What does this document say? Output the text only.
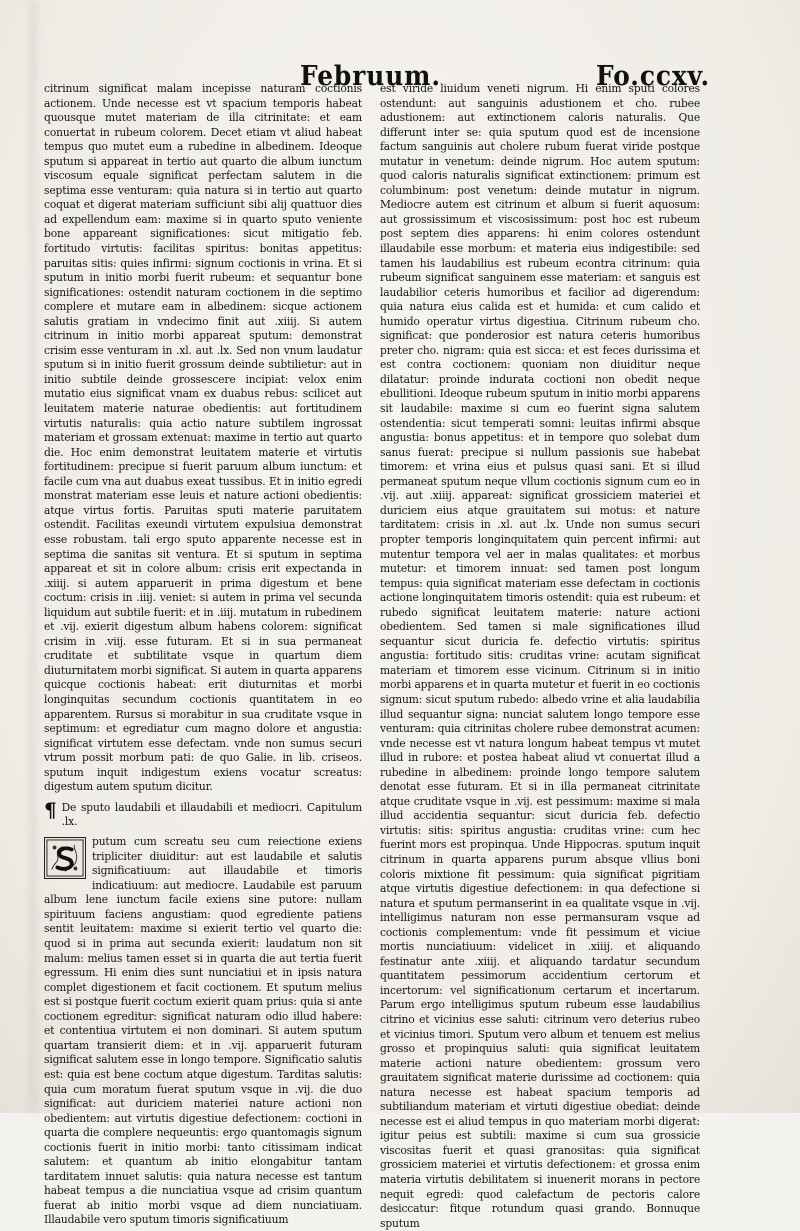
Februum.	Fo.ccxv.

citrinum significat malam incepisse naturam coctionis actionem. Unde necesse est vt spacium temporis habeat quousque mutet materiam de illa citrinitate: et eam conuertat in rubeum colorem. Decet etiam vt aliud habeat tempus quo mutet eum a rubedine in albedinem. Ideoque sputum si appareat in tertio aut quarto die album iunctum viscosum equale significat perfectam salutem in die septima esse venturam: quia natura si in tertio aut quarto coquat et digerat materiam sufficiunt sibi alij quattuor dies ad expellendum eam: maxime si in quarto sputo veniente bone appareant significationes: sicut mitigatio feb. fortitudo virtutis: facilitas spiritus: bonitas appetitus: paruitas sitis: quies infirmi: signum coctionis in vrina. Et si sputum in initio morbi fuerit rubeum: et sequantur bone significationes: ostendit naturam coctionem in die septimo complere et mutare eam in albedinem: sicque actionem salutis gratiam in vndecimo finit aut .xiiij. Si autem citrinum in initio morbi appareat sputum: demonstrat crisim esse venturam in .xl. aut .lx. Sed non vnum laudatur sputum si in initio fuerit grossum deinde subtilietur: aut in initio subtile deinde grossescere incipiat: velox enim mutatio eius significat vnam ex duabus rebus: scilicet aut leuitatem materie naturae obedientis: aut fortitudinem virtutis naturalis: quia actio nature subtilem ingrossat materiam et grossam extenuat: maxime in tertio aut quarto die. Hoc enim demonstrat leuitatem materie et virtutis fortitudinem: precipue si fuerit paruum album iunctum: et facile cum vna aut duabus exeat tussibus. Et in initio egredi monstrat materiam esse leuis et nature actioni obedientis: atque virtus fortis. Paruitas sputi materie paruitatem ostendit. Facilitas exeundi virtutem expulsiua demonstrat esse robustam. tali ergo sputo apparente necesse est in septima die sanitas sit ventura. Et si sputum in septima appareat et sit in colore album: crisis erit expectanda in .xiiij. si autem apparuerit in prima digestum et bene coctum: crisis in .iiij. veniet: si autem in prima vel secunda liquidum aut subtile fuerit: et in .iiij. mutatum in rubedinem et .vij. exierit digestum album habens colorem: significat crisim in .viij. esse futuram. Et si in sua permaneat cruditate et subtilitate vsque in quartum diem diuturnitatem morbi significat. Si autem in quarta apparens quicque coctionis habeat: erit diuturnitas et morbi longinquitas secundum coctionis quantitatem in eo apparentem. Rursus si morabitur in sua cruditate vsque in septimum: et egrediatur cum magno dolore et angustia: significat virtutem esse defectam. vnde non sumus securi vtrum possit morbum pati: de quo Galie. in lib. criseos. sputum inquit indigestum exiens vocatur screatus: digestum autem sputum dicitur.

¶ De sputo laudabili et illaudabili et mediocri. Capitulum .lx.

putum cum screatu seu cum reiectione exiens tripliciter diuiditur: aut est laudabile et salutis significatiuum: aut illaudabile et timoris indicatiuum: aut mediocre. Laudabile est paruum album lene iunctum facile exiens sine putore: nullam spirituum faciens angustiam: quod egrediente patiens sentit leuitatem: maxime si exierit tertio vel quarto die: quod si in prima aut secunda exierit: laudatum non sit malum: melius tamen esset si in quarta die aut tertia fuerit egressum. Hi enim dies sunt nunciatiui et in ipsis natura complet digestionem et facit coctionem. Et sputum melius est si postque fuerit coctum exierit quam prius: quia si ante coctionem egreditur: significat naturam odio illud habere: et contentiua virtutem ei non dominari. Si autem sputum quartam transierit diem: et in .vij. apparuerit futuram significat salutem esse in longo tempore. Significatio salutis est: quia est bene coctum atque digestum. Tarditas salutis: quia cum moratum fuerat sputum vsque in .vij. die duo significat: aut duriciem materiei nature actioni non obedientem: aut virtutis digestiue defectionem: coctioni in quarta die complere nequeuntis: ergo quantomagis signum coctionis fuerit in initio morbi: tanto citissimam indicat salutem: et quantum ab initio elongabitur tantam tarditatem innuet salutis: quia natura necesse est tantum habeat tempus a die nunciatiua vsque ad crisim quantum fuerat ab initio morbi vsque ad diem nunciatiuam. Illaudabile vero sputum timoris significatiuum

est viride liuidum veneti nigrum. Hi enim sputi colores ostendunt: aut sanguinis adustionem et cho. rubee adustionem: aut extinctionem caloris naturalis. Que differunt inter se: quia sputum quod est de incensione factum sanguinis aut cholere rubum fuerat viride postque mutatur in venetum: deinde nigrum. Hoc autem sputum: quod caloris naturalis significat extinctionem: primum est columbinum: post venetum: deinde mutatur in nigrum. Mediocre autem est citrinum et album si fuerit aquosum: aut grossissimum et viscosissimum: post hoc est rubeum post septem dies apparens: hi enim colores ostendunt illaudabile esse morbum: et materia eius indigestibile: sed tamen his laudabilius est rubeum econtra citrinum: quia rubeum significat sanguinem esse materiam: et sanguis est laudabilior ceteris humoribus et facilior ad digerendum: quia natura eius calida est et humida: et cum calido et humido operatur virtus digestiua. Citrinum rubeum cho. significat: que ponderosior est natura ceteris humoribus preter cho. nigram: quia est sicca: et est feces durissima et est contra coctionem: quoniam non diuiditur neque dilatatur: proinde indurata coctioni non obedit neque ebullitioni. Ideoque rubeum sputum in initio morbi apparens sit laudabile: maxime si cum eo fuerint signa salutem ostendentia: sicut temperati somni: leuitas infirmi absque angustia: bonus appetitus: et in tempore quo solebat dum sanus fuerat: precipue si nullum passionis sue habebat timorem: et vrina eius et pulsus quasi sani. Et si illud permaneat sputum neque vllum coctionis signum cum eo in .vij. aut .xiiij. appareat: significat grossiciem materiei et duriciem eius atque grauitatem sui motus: et nature tarditatem: crisis in .xl. aut .lx. Unde non sumus securi propter temporis longinquitatem quin percent infirmi: aut mutentur tempora vel aer in malas qualitates: et morbus mutetur: et timorem innuat: sed tamen post longum tempus: quia significat materiam esse defectam in coctionis actione longinquitatem timoris ostendit: quia est rubeum: et rubedo significat leuitatem materie: nature actioni obedientem. Sed tamen si male significationes illud sequantur sicut duricia fe. defectio virtutis: spiritus angustia: fortitudo sitis: cruditas vrine: acutam significat materiam et timorem esse vicinum. Citrinum si in initio morbi apparens et in quarta mutetur et fuerit in eo coctionis signum: sicut sputum rubedo: albedo vrine et alia laudabilia illud sequantur signa: nunciat salutem longo tempore esse venturam: quia citrinitas cholere rubee demonstrat acumen: vnde necesse est vt natura longum habeat tempus vt mutet illud in rubore: et postea habeat aliud vt conuertat illud a rubedine in albedinem: proinde longo tempore salutem denotat esse futuram. Et si in illa permaneat citrinitate atque cruditate vsque in .vij. est pessimum: maxime si mala illud accidentia sequantur: sicut duricia feb. defectio virtutis: sitis: spiritus angustia: cruditas vrine: cum hec fuerint mors est propinqua. Unde Hippocras. sputum inquit citrinum in quarta apparens purum absque vllius boni coloris mixtione fit pessimum: quia significat pigritiam atque virtutis digestiue defectionem: in qua defectione si natura et sputum permanserint in ea qualitate vsque in .vij. intelligimus naturam non esse permansuram vsque ad coctionis complementum: vnde fit pessimum et viciue mortis nunciatiuum: videlicet in .xiiij. et aliquando festinatur ante .xiiij. et aliquando tardatur secundum quantitatem pessimorum accidentium certorum et incertorum: vel significationum certarum et incertarum. Parum ergo intelligimus sputum rubeum esse laudabilius citrino et vicinius esse saluti: citrinum vero deterius rubeo et vicinius timori. Sputum vero album et tenuem est melius grosso et propinquius saluti: quia significat leuitatem materie actioni nature obedientem: grossum vero grauitatem significat materie durissime ad coctionem: quia natura necesse est habeat spacium temporis ad subtiliandum materiam et virtuti digestiue obediat: deinde necesse est ei aliud tempus in quo materiam morbi digerat: igitur peius est subtili: maxime si cum sua grossicie viscositas fuerit et quasi granositas: quia significat grossiciem materiei et virtutis defectionem: et grossa enim materia virtutis debilitatem si inuenerit morans in pectore nequit egredi: quod calefactum de pectoris calore desiccatur: fitque rotundum quasi grando. Bonnuque sputum
